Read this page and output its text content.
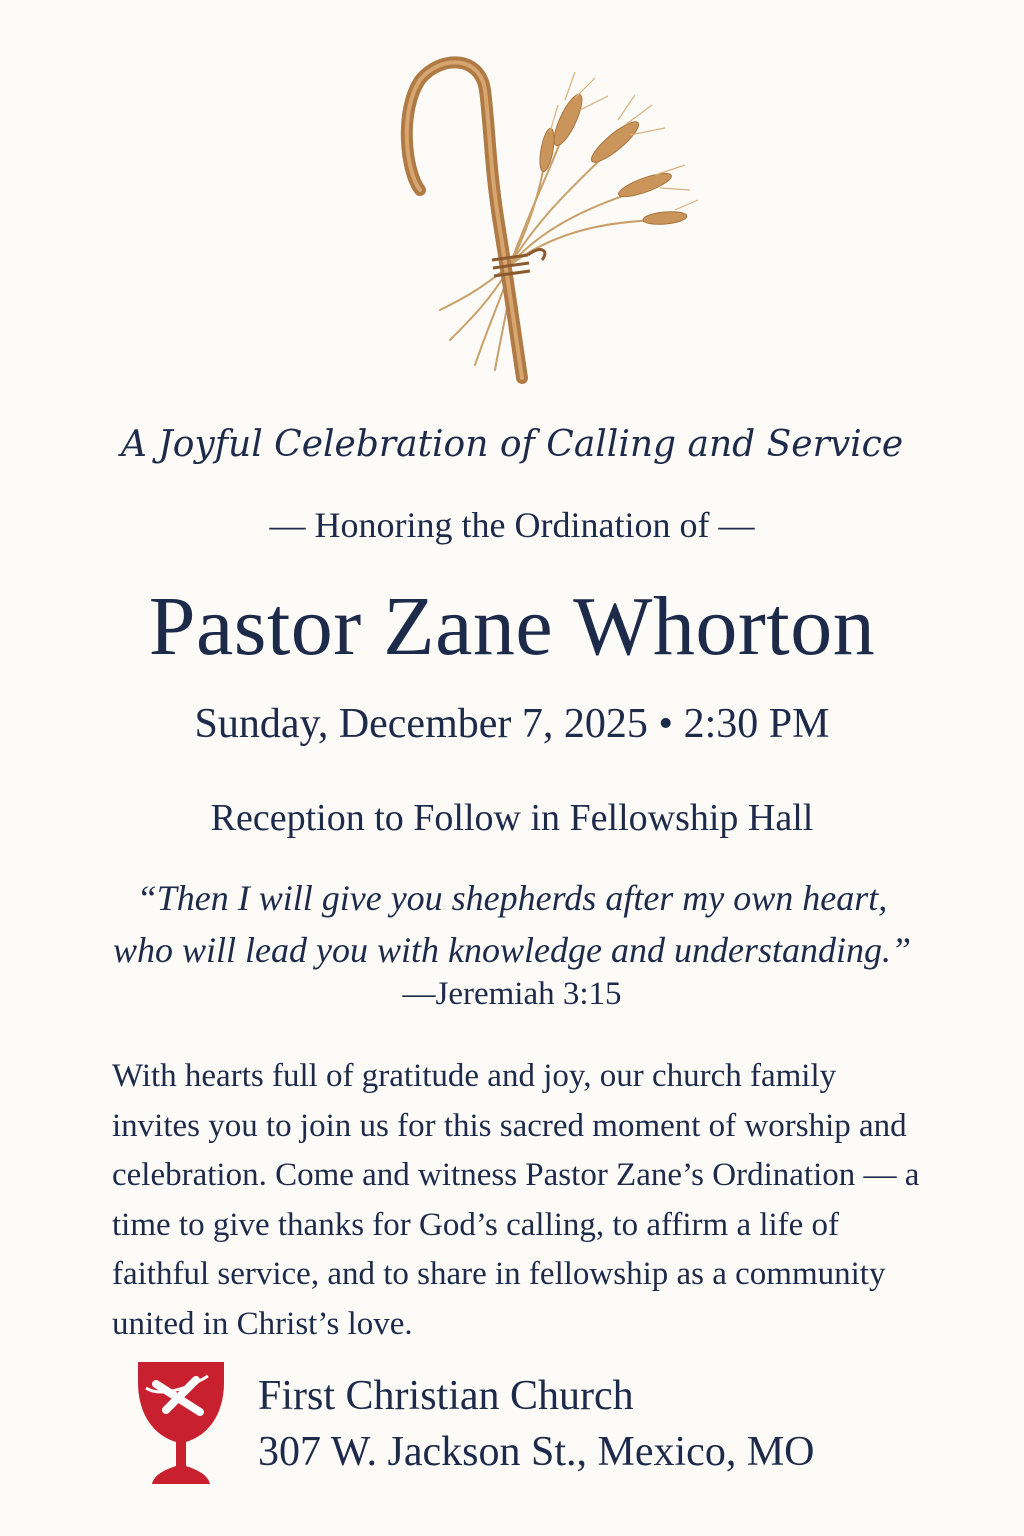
A Joyful Celebration of Calling and Service

— Honoring the Ordination of —

Pastor Zane Whorton

Sunday, December 7, 2025 • 2:30 PM

Reception to Follow in Fellowship Hall

“Then I will give you shepherds after my own heart,
who will lead you with knowledge and understanding.”

—Jeremiah 3:15

With hearts full of gratitude and joy, our church family invites you to join us for this sacred moment of worship and celebration. Come and witness Pastor Zane’s Ordination — a time to give thanks for God’s calling, to affirm a life of faithful service, and to share in fellowship as a community united in Christ’s love.

First Christian Church

307 W. Jackson St., Mexico, MO
